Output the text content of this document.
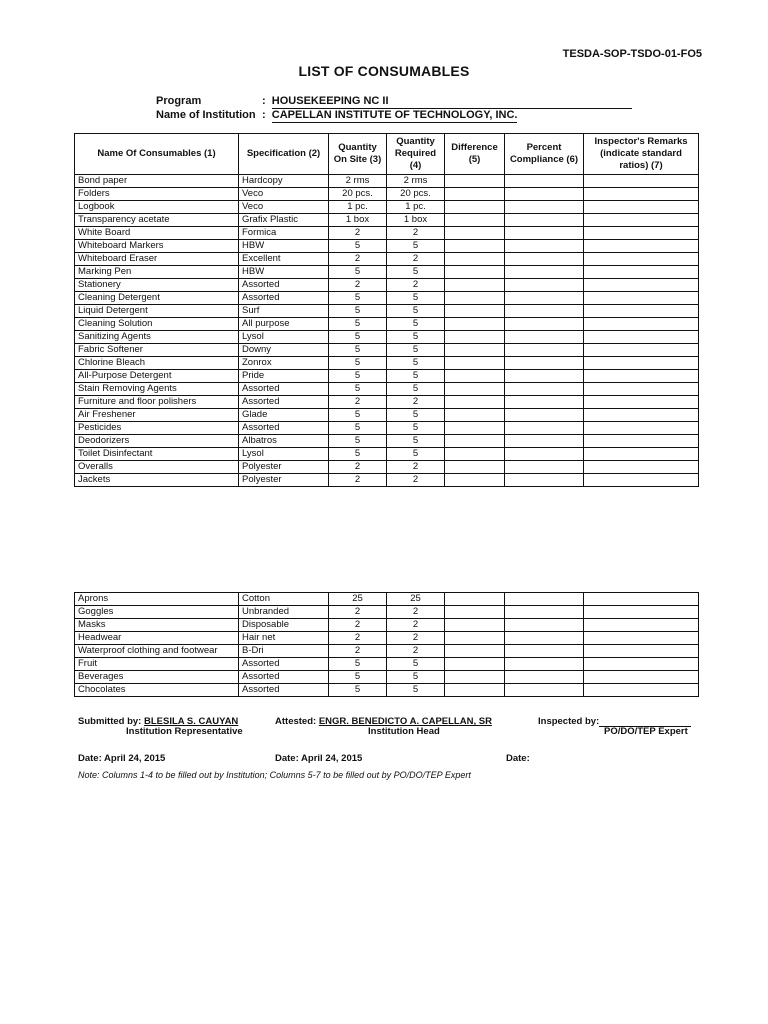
TESDA-SOP-TSDO-01-FO5
LIST OF CONSUMABLES
Program	: HOUSEKEEPING NC II
Name of Institution : CAPELLAN INSTITUTE OF TECHNOLOGY, INC.
Name Of Consumables (1)	Specification (2)	Quantity On Site (3)	Quantity Required (4)	Difference (5)	Percent Compliance (6)	Inspector's Remarks (indicate standard ratios) (7)
Bond paper	Hardcopy	2 rms	2 rms			
Folders	Veco	20 pcs.	20 pcs.			
Logbook	Veco	1 pc.	1 pc.			
Transparency acetate	Grafix Plastic	1 box	1 box			
White Board	Formica	2	2			
Whiteboard Markers	HBW	5	5			
Whiteboard Eraser	Excellent	2	2			
Marking Pen	HBW	5	5			
Stationery	Assorted	2	2			
Cleaning Detergent	Assorted	5	5			
Liquid Detergent	Surf	5	5			
Cleaning Solution	All purpose	5	5			
Sanitizing Agents	Lysol	5	5			
Fabric Softener	Downy	5	5			
Chlorine Bleach	Zonrox	5	5			
All-Purpose Detergent	Pride	5	5			
Stain Removing Agents	Assorted	5	5			
Furniture and floor polishers	Assorted	2	2			
Air Freshener	Glade	5	5			
Pesticides	Assorted	5	5			
Deodorizers	Albatros	5	5			
Toilet Disinfectant	Lysol	5	5			
Overalls	Polyester	2	2			
Jackets	Polyester	2	2			
Aprons	Cotton	25	25			
Goggles	Unbranded	2	2			
Masks	Disposable	2	2			
Headwear	Hair net	2	2			
Waterproof clothing and footwear	B-Dri	2	2			
Fruit	Assorted	5	5			
Beverages	Assorted	5	5			
Chocolates	Assorted	5	5			
Submitted by: BLESILA S. CAUYAN
Institution Representative
Attested: ENGR. BENEDICTO A. CAPELLAN, SR
Institution Head
Inspected by:
PO/DO/TEP Expert
Date: April 24, 2015	Date: April 24, 2015	Date:
Note: Columns 1-4 to be filled out by Institution; Columns 5-7 to be filled out by PO/DO/TEP Expert
